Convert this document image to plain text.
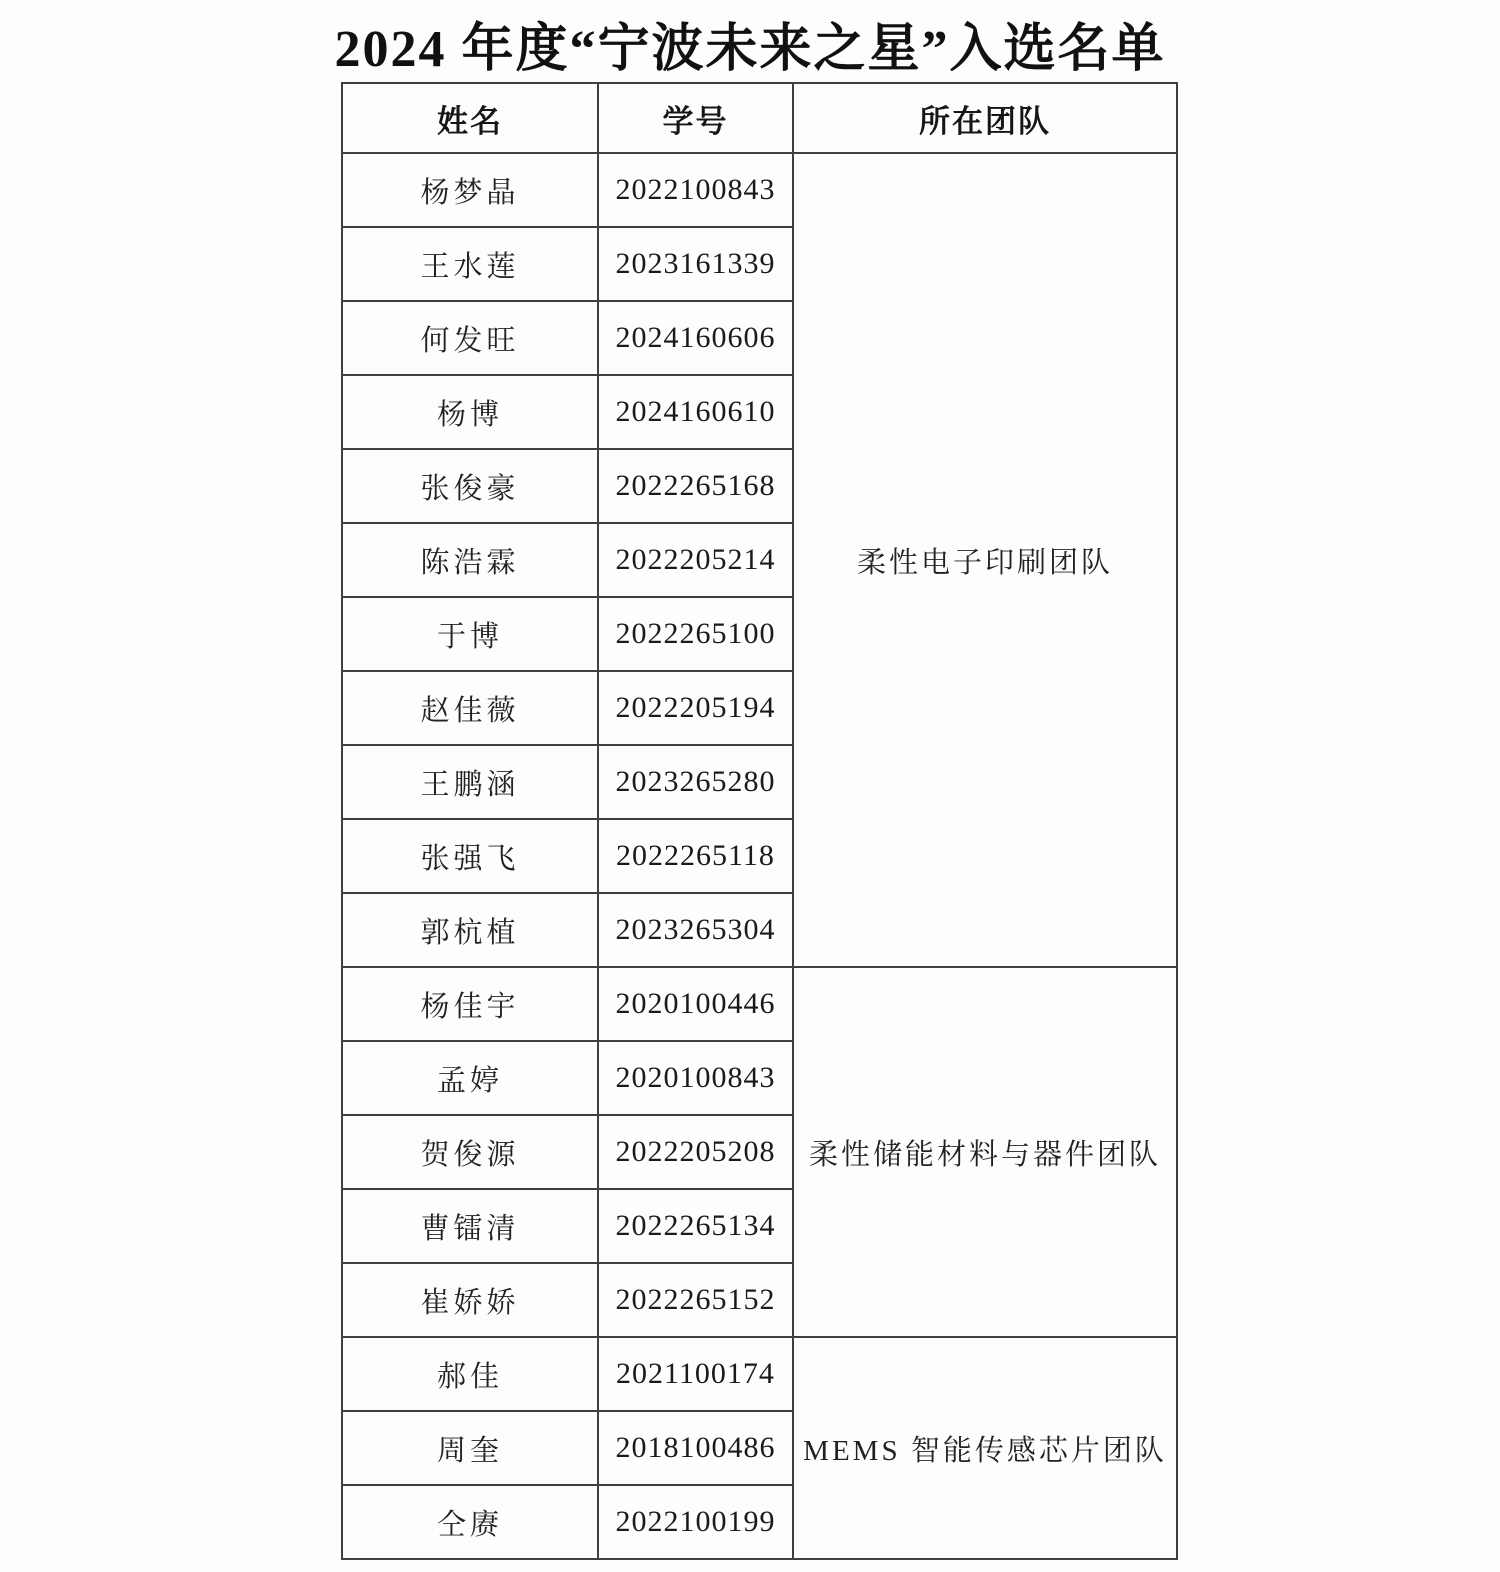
2024 年度“宁波未来之星”入选名单
姓名	学号	所在团队
杨梦晶	2022100843	柔性电子印刷团队
王水莲	2023161339	
何发旺	2024160606	
杨博	2024160610	
张俊豪	2022265168	
陈浩霖	2022205214	
于博	2022265100	
赵佳薇	2022205194	
王鹏涵	2023265280	
张强飞	2022265118	
郭杭植	2023265304	
杨佳宇	2020100446	柔性储能材料与器件团队
孟婷	2020100843	
贺俊源	2022205208	
曹镭清	2022265134	
崔娇娇	2022265152	
郝佳	2021100174	MEMS 智能传感芯片团队
周奎	2018100486	
仝赓	2022100199	
